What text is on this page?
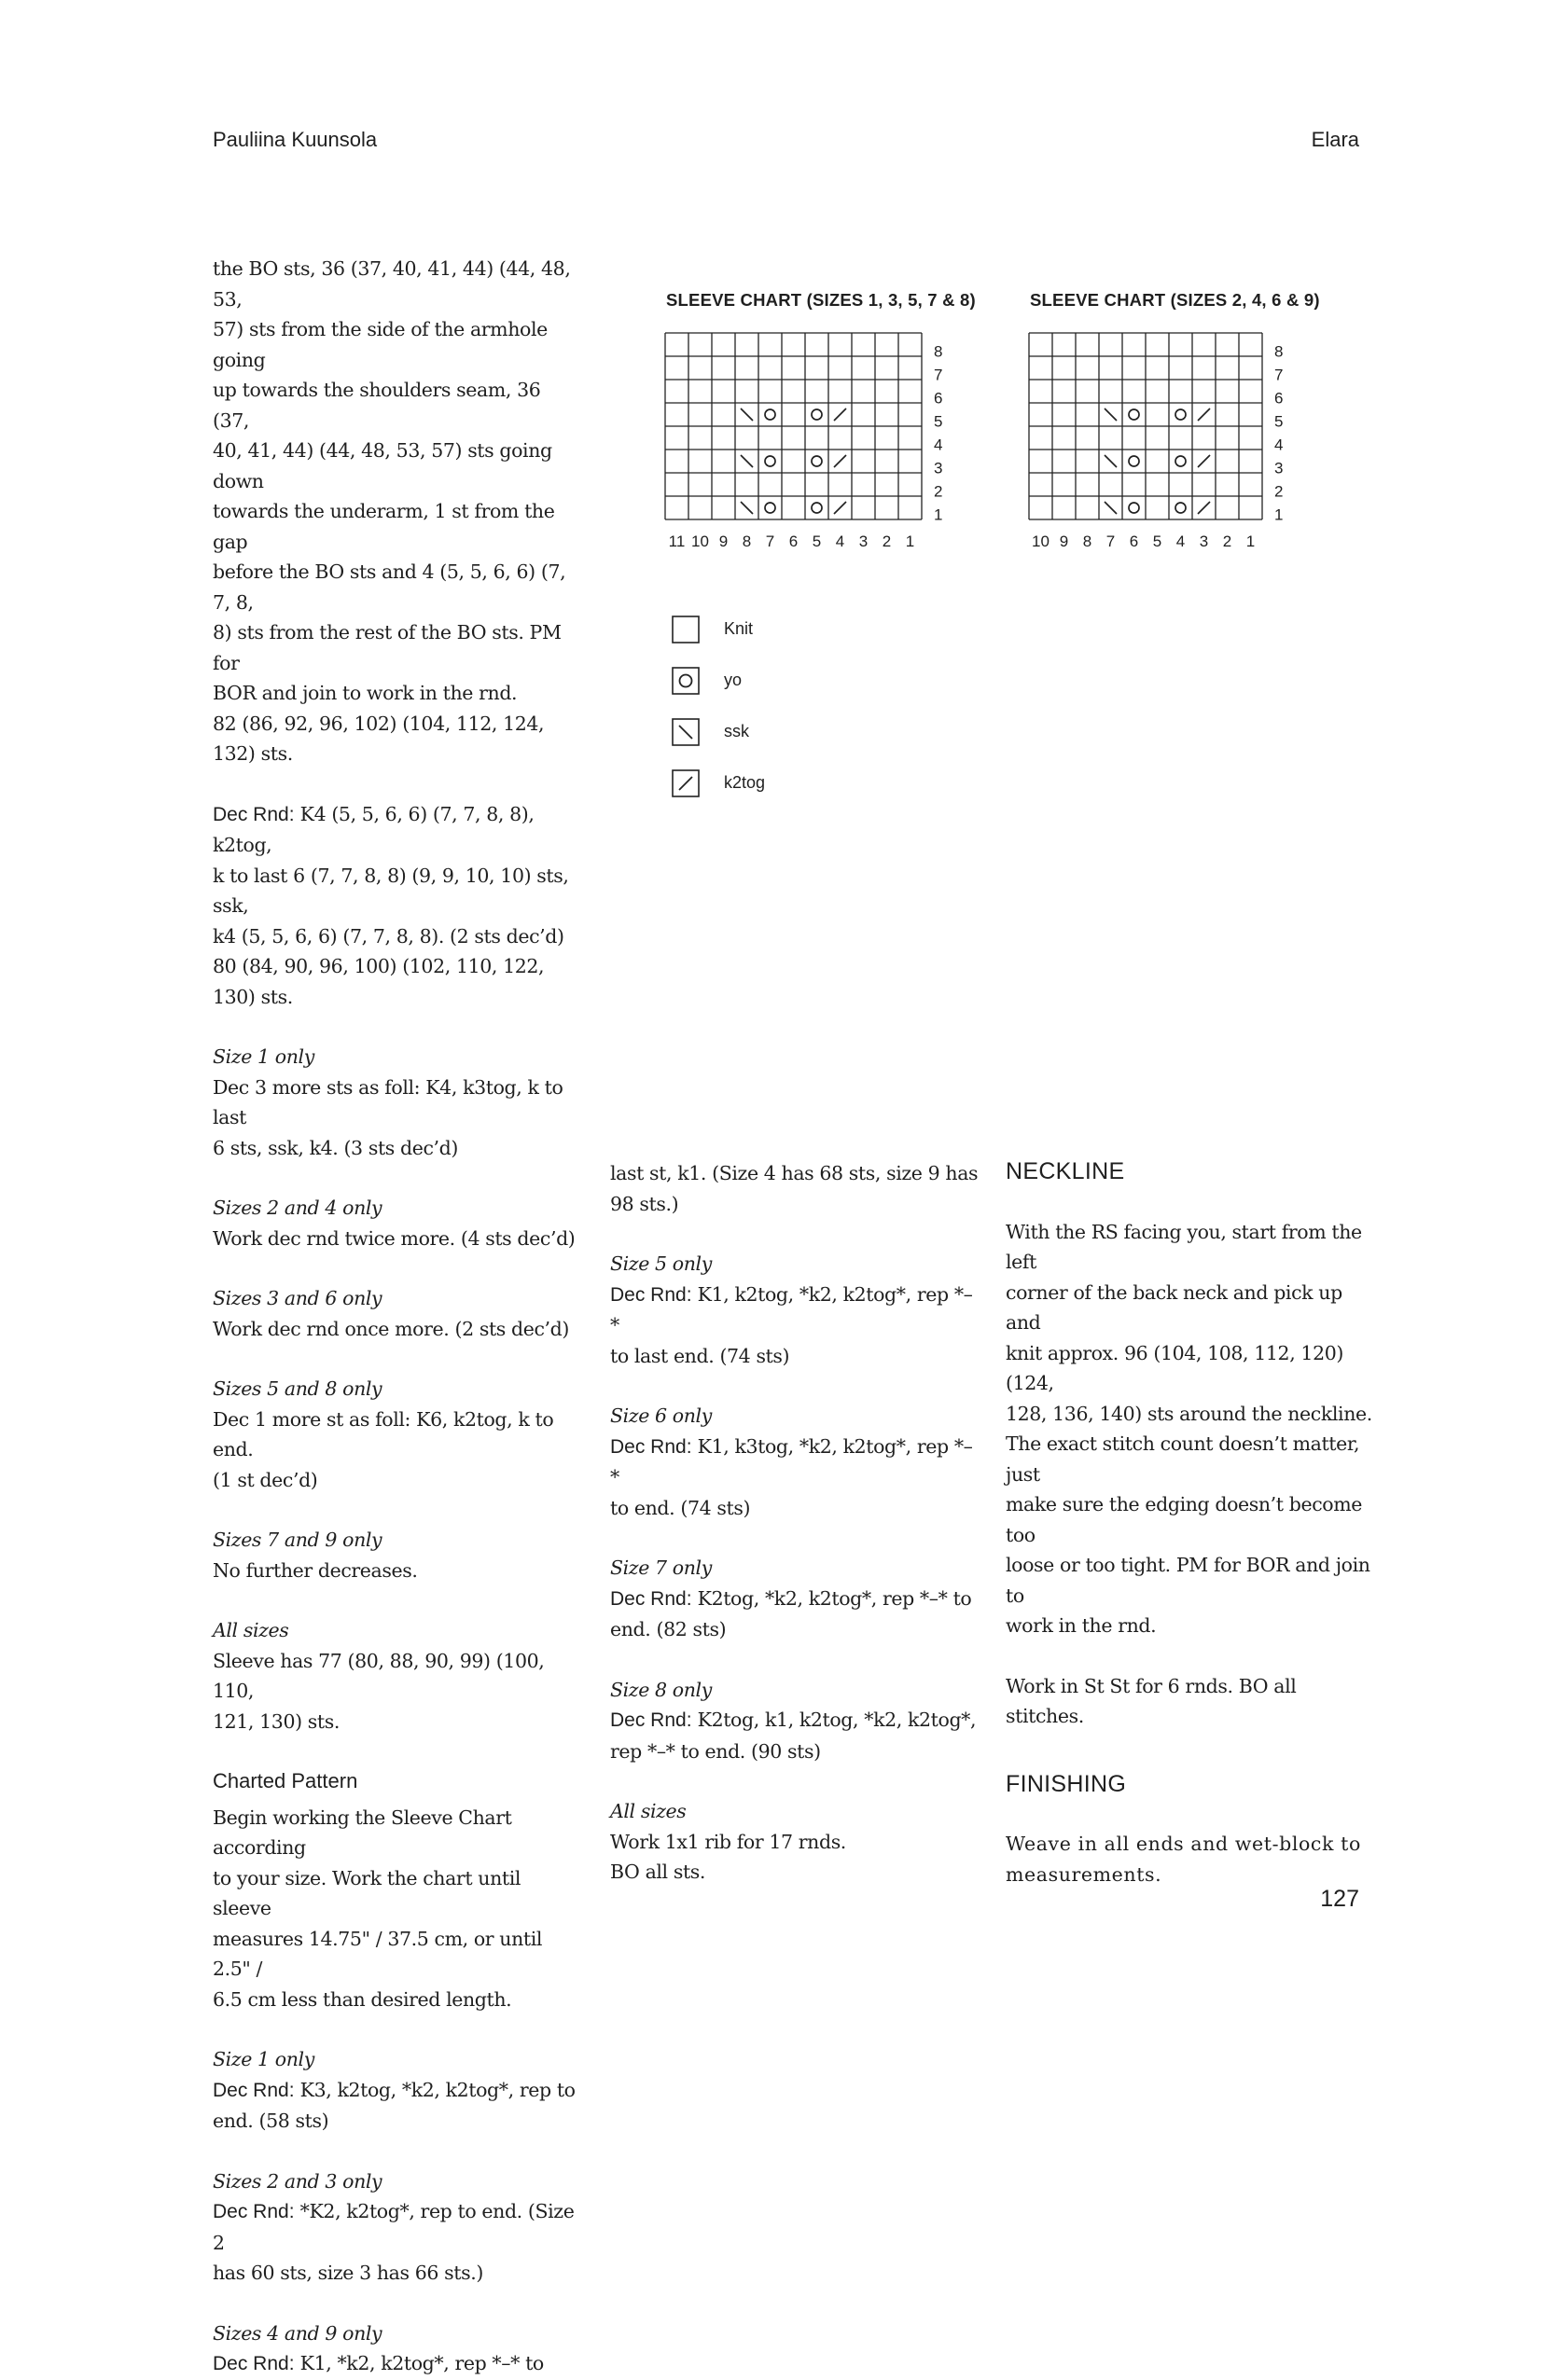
Pauliina Kuunsola	Elara

the BO sts, 36 (37, 40, 41, 44) (44, 48, 53,
57) sts from the side of the armhole going
up towards the shoulders seam, 36 (37,
40, 41, 44) (44, 48, 53, 57) sts going down
towards the underarm, 1 st from the gap
before the BO sts and 4 (5, 5, 6, 6) (7, 7, 8,
8) sts from the rest of the BO sts. PM for
BOR and join to work in the rnd.
82 (86, 92, 96, 102) (104, 112, 124, 132) sts.

Dec Rnd: K4 (5, 5, 6, 6) (7, 7, 8, 8), k2tog,
k to last 6 (7, 7, 8, 8) (9, 9, 10, 10) sts, ssk,
k4 (5, 5, 6, 6) (7, 7, 8, 8). (2 sts dec’d)
80 (84, 90, 96, 100) (102, 110, 122, 130) sts.

Size 1 only
Dec 3 more sts as foll: K4, k3tog, k to last
6 sts, ssk, k4. (3 sts dec’d)

Sizes 2 and 4 only
Work dec rnd twice more. (4 sts dec’d)

Sizes 3 and 6 only
Work dec rnd once more. (2 sts dec’d)

Sizes 5 and 8 only
Dec 1 more st as foll: K6, k2tog, k to end.
(1 st dec’d)

Sizes 7 and 9 only
No further decreases.

All sizes
Sleeve has 77 (80, 88, 90, 99) (100, 110,
121, 130) sts.

Charted Pattern

Begin working the Sleeve Chart according
to your size. Work the chart until sleeve
measures 14.75" / 37.5 cm, or until 2.5" /
6.5 cm less than desired length.

Size 1 only
Dec Rnd: K3, k2tog, *k2, k2tog*, rep to
end. (58 sts)

Sizes 2 and 3 only
Dec Rnd: *K2, k2tog*, rep to end. (Size 2
has 60 sts, size 3 has 66 sts.)

Sizes 4 and 9 only
Dec Rnd: K1, *k2, k2tog*, rep *–* to

last st, k1. (Size 4 has 68 sts, size 9 has
98 sts.)

Size 5 only
Dec Rnd: K1, k2tog, *k2, k2tog*, rep *–*
to last end. (74 sts)

Size 6 only
Dec Rnd: K1, k3tog, *k2, k2tog*, rep *–*
to end. (74 sts)

Size 7 only
Dec Rnd: K2tog, *k2, k2tog*, rep *–* to
end. (82 sts)

Size 8 only
Dec Rnd: K2tog, k1, k2tog, *k2, k2tog*,
rep *–* to end. (90 sts)

All sizes
Work 1x1 rib for 17 rnds.
BO all sts.

NECKLINE

With the RS facing you, start from the left
corner of the back neck and pick up and
knit approx. 96 (104, 108, 112, 120) (124,
128, 136, 140) sts around the neckline.
The exact stitch count doesn’t matter, just
make sure the edging doesn’t become too
loose or too tight. PM for BOR and join to
work in the rnd.

Work in St St for 6 rnds. BO all stitches.

FINISHING

Weave in all ends and wet-block to
measurements.

SLEEVE CHART (SIZES 1, 3, 5, 7 & 8)	SLEEVE CHART (SIZES 2, 4, 6 & 9)
8
7
6
5
4
3
2
1
11 10 9 8 7 6 5 4 3 2 1
8
7
6
5
4
3
2
1
10 9 8 7 6 5 4 3 2 1
Knit
yo
ssk
k2tog
127
